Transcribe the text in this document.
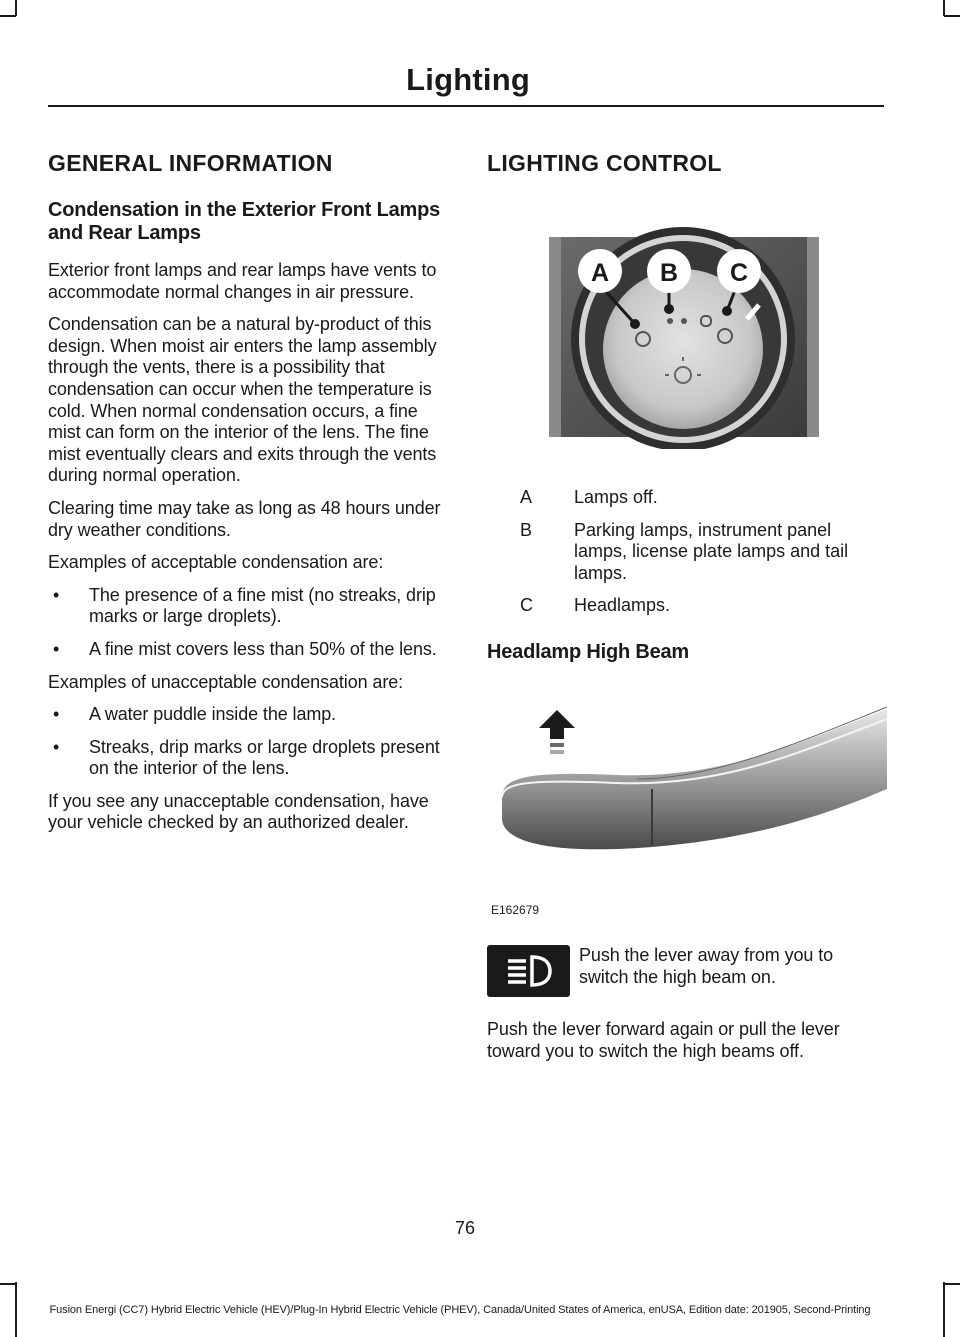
Lighting
GENERAL INFORMATION
Condensation in the Exterior Front Lamps and Rear Lamps

Exterior front lamps and rear lamps have vents to accommodate normal changes in air pressure.

Condensation can be a natural by-product of this design. When moist air enters the lamp assembly through the vents, there is a possibility that condensation can occur when the temperature is cold. When normal condensation occurs, a fine mist can form on the interior of the lens. The fine mist eventually clears and exits through the vents during normal operation.

Clearing time may take as long as 48 hours under dry weather conditions.

Examples of acceptable condensation are:

• The presence of a fine mist (no streaks, drip marks or large droplets).
• A fine mist covers less than 50% of the lens.

Examples of unacceptable condensation are:

• A water puddle inside the lamp.
• Streaks, drip marks or large droplets present on the interior of the lens.

If you see any unacceptable condensation, have your vehicle checked by an authorized dealer.

LIGHTING CONTROL
A B C
A	Lamps off.
B	Parking lamps, instrument panel lamps, license plate lamps and tail lamps.
C	Headlamps.
Headlamp High Beam
E162679

Push the lever away from you to switch the high beam on.

Push the lever forward again or pull the lever toward you to switch the high beams off.

76
Fusion Energi (CC7) Hybrid Electric Vehicle (HEV)/Plug-In Hybrid Electric Vehicle (PHEV), Canada/United States of America, enUSA, Edition date: 201905, Second-Printing
